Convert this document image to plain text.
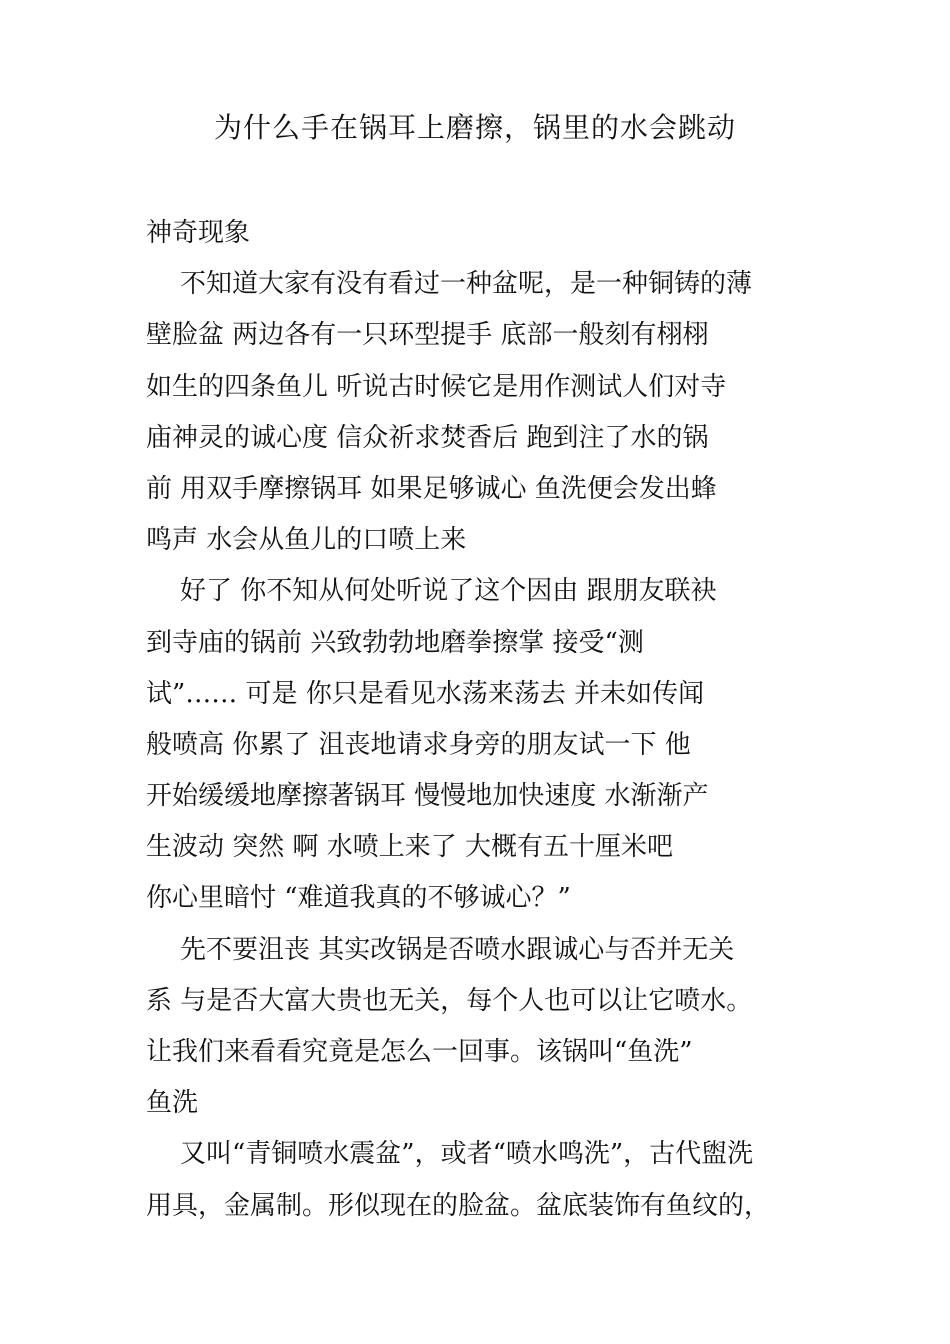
为什么手在锅耳上磨擦，锅里的水会跳动
神奇现象
不知道大家有没有看过一种盆呢，是一种铜铸的薄
壁脸盆 两边各有一只环型提手 底部一般刻有栩栩
如生的四条鱼儿 听说古时候它是用作测试人们对寺
庙神灵的诚心度 信众祈求焚香后 跑到注了水的锅
前 用双手摩擦锅耳 如果足够诚心 鱼洗便会发出蜂
鸣声 水会从鱼儿的口喷上来
好了 你不知从何处听说了这个因由 跟朋友联袂
到寺庙的锅前 兴致勃勃地磨拳擦掌 接受“测
试”…… 可是 你只是看见水荡来荡去 并未如传闻
般喷高 你累了 沮丧地请求身旁的朋友试一下 他
开始缓缓地摩擦著锅耳 慢慢地加快速度 水渐渐产
生波动 突然 啊 水喷上来了 大概有五十厘米吧
你心里暗忖 “难道我真的不够诚心？”
先不要沮丧 其实改锅是否喷水跟诚心与否并无关
系 与是否大富大贵也无关，每个人也可以让它喷水。
让我们来看看究竟是怎么一回事。该锅叫“鱼洗”
鱼洗
又叫“青铜喷水震盆”，或者“喷水鸣洗”，古代盥洗
用具，金属制。形似现在的脸盆。盆底装饰有鱼纹的，
